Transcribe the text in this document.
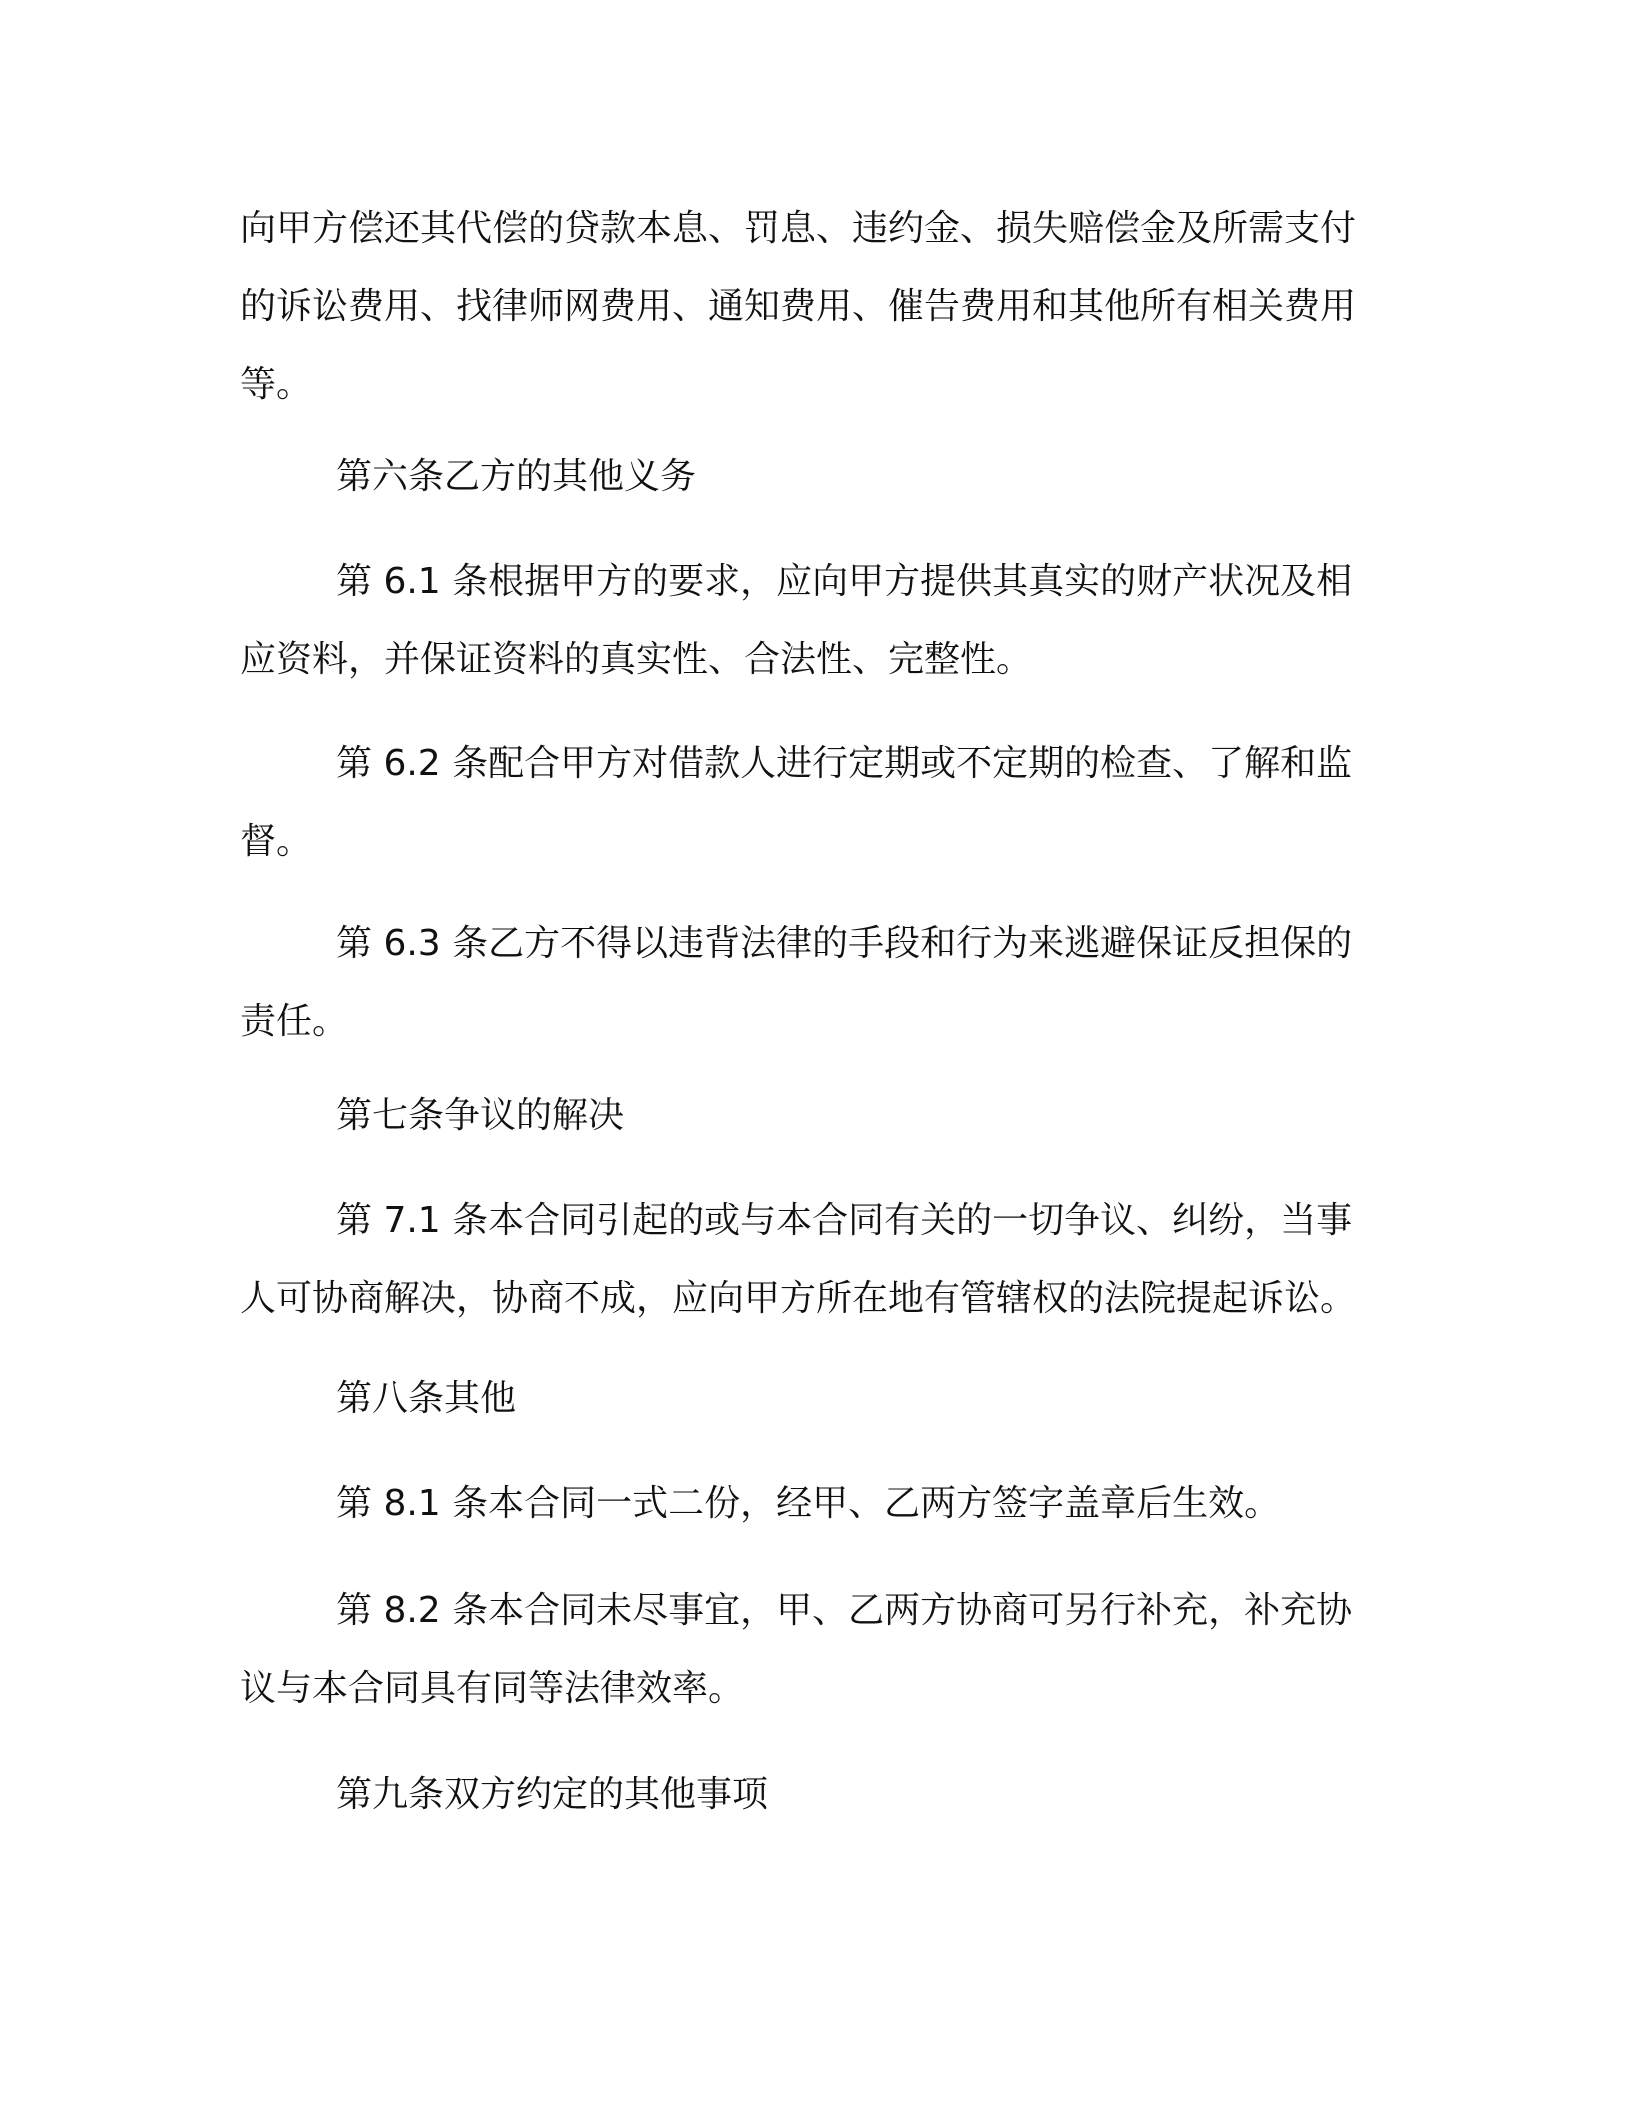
向甲方偿还其代偿的贷款本息、罚息、违约金、损失赔偿金及所需支付的诉讼费用、找律师网费用、通知费用、催告费用和其他所有相关费用等。

第六条乙方的其他义务

第 6.1 条根据甲方的要求，应向甲方提供其真实的财产状况及相应资料，并保证资料的真实性、合法性、完整性。

第 6.2 条配合甲方对借款人进行定期或不定期的检查、了解和监督。

第 6.3 条乙方不得以违背法律的手段和行为来逃避保证反担保的责任。

第七条争议的解决

第 7.1 条本合同引起的或与本合同有关的一切争议、纠纷，当事人可协商解决，协商不成，应向甲方所在地有管辖权的法院提起诉讼。

第八条其他

第 8.1 条本合同一式二份，经甲、乙两方签字盖章后生效。

第 8.2 条本合同未尽事宜，甲、乙两方协商可另行补充，补充协议与本合同具有同等法律效率。

第九条双方约定的其他事项
